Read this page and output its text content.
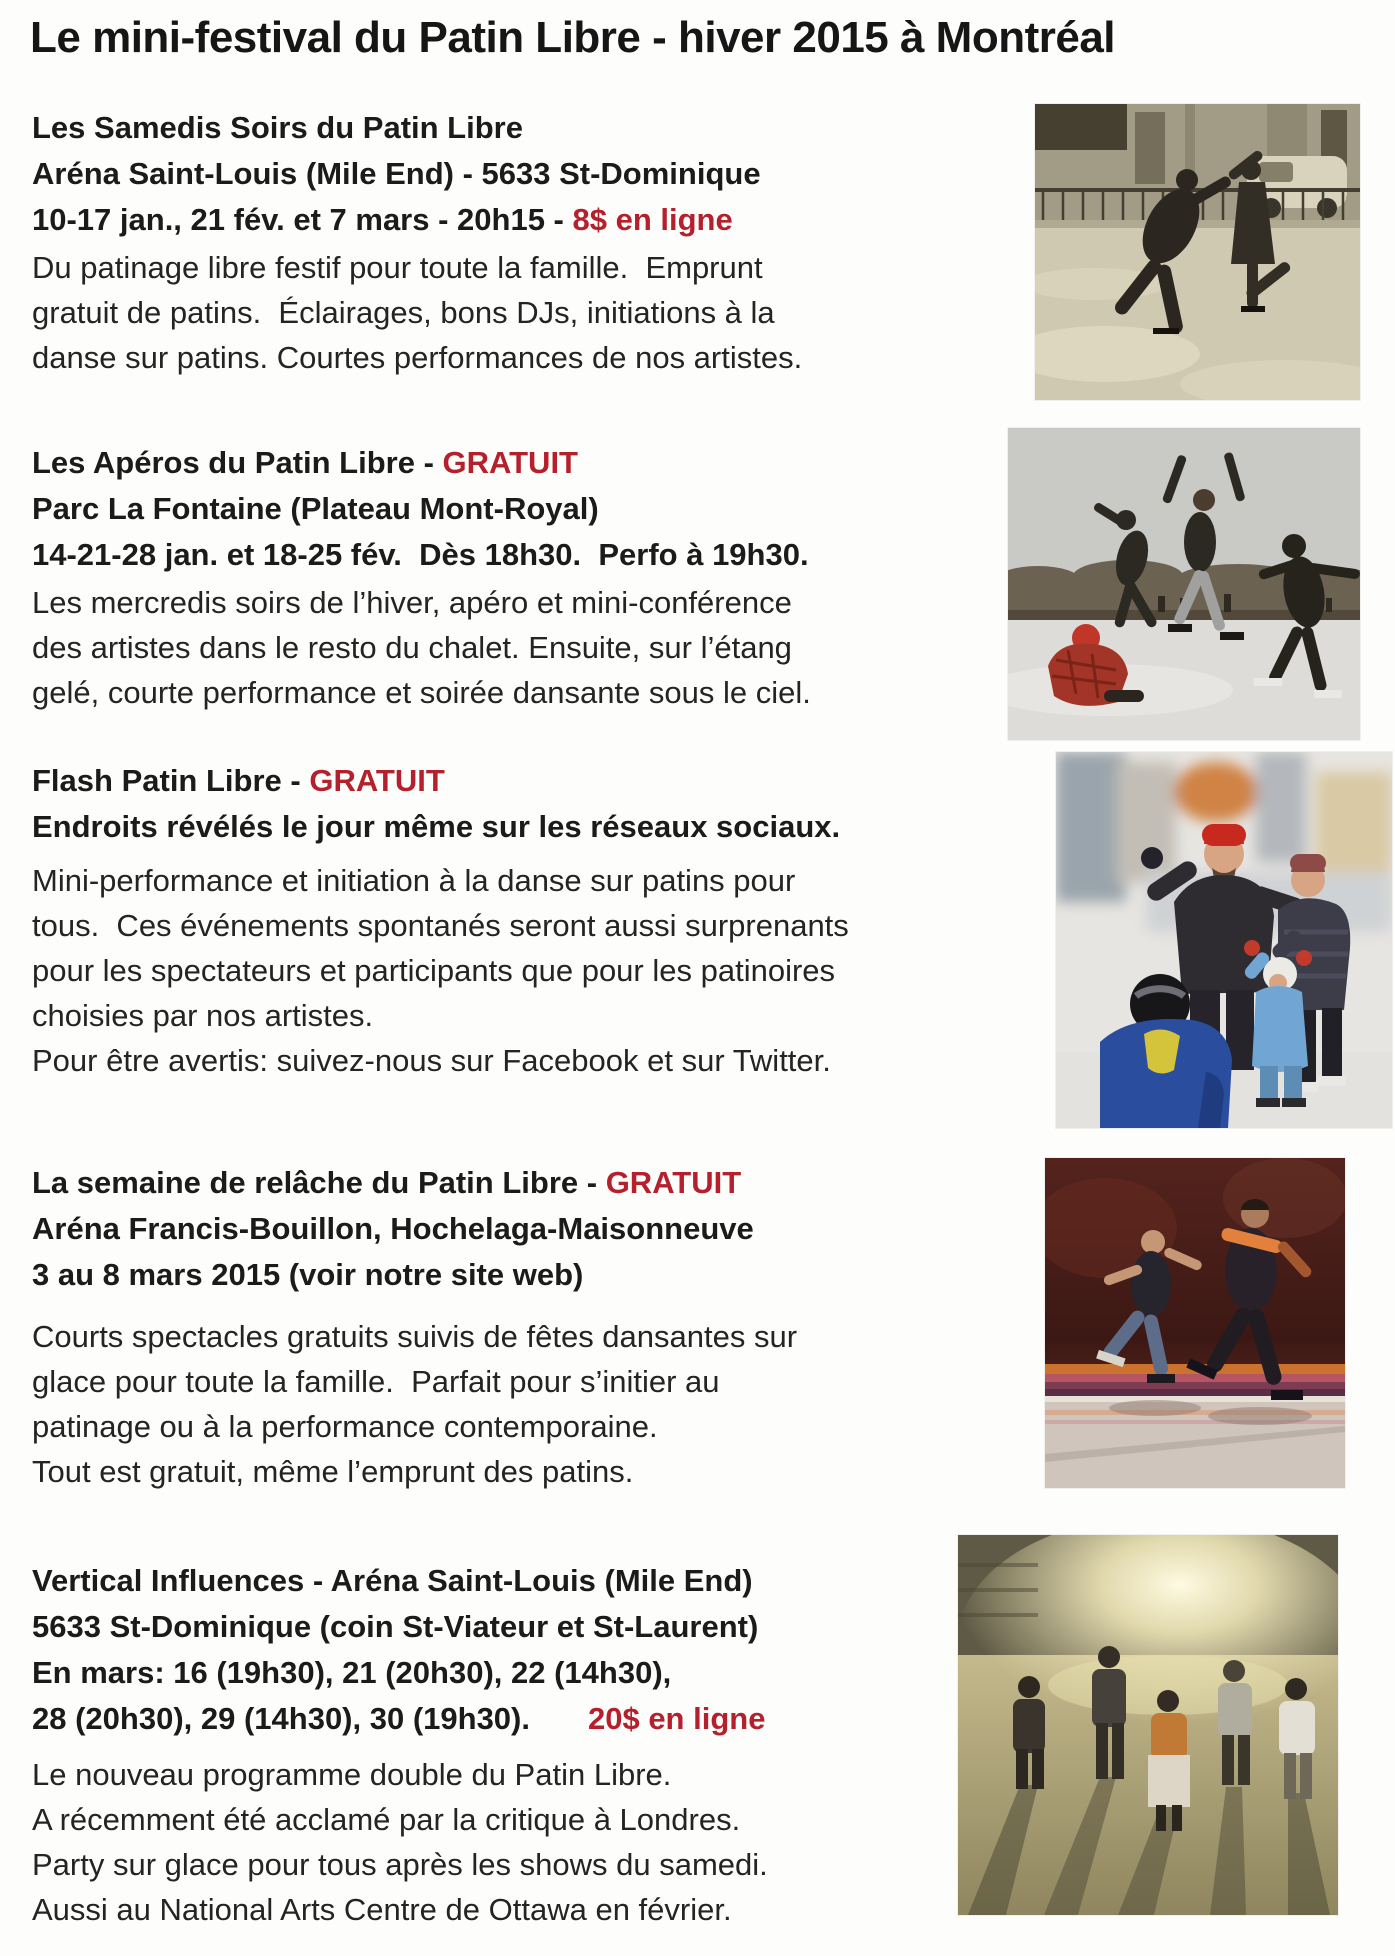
Le mini-festival du Patin Libre - hiver 2015 à Montréal
Les Samedis Soirs du Patin Libre
Aréna Saint-Louis (Mile End) - 5633 St-Dominique
10-17 jan., 21 fév. et 7 mars - 20h15 - 8$ en ligne
Du patinage libre festif pour toute la famille.  Emprunt
gratuit de patins.  Éclairages, bons DJs, initiations à la
danse sur patins. Courtes performances de nos artistes.
Les Apéros du Patin Libre - GRATUIT
Parc La Fontaine (Plateau Mont-Royal)
14-21-28 jan. et 18-25 fév.  Dès 18h30.  Perfo à 19h30.
Les mercredis soirs de l’hiver, apéro et mini-conférence
des artistes dans le resto du chalet. Ensuite, sur l’étang
gelé, courte performance et soirée dansante sous le ciel.
Flash Patin Libre - GRATUIT
Endroits révélés le jour même sur les réseaux sociaux.
Mini-performance et initiation à la danse sur patins pour
tous.  Ces événements spontanés seront aussi surprenants
pour les spectateurs et participants que pour les patinoires
choisies par nos artistes.
Pour être avertis: suivez-nous sur Facebook et sur Twitter.
La semaine de relâche du Patin Libre - GRATUIT
Aréna Francis-Bouillon, Hochelaga-Maisonneuve
3 au 8 mars 2015 (voir notre site web)
Courts spectacles gratuits suivis de fêtes dansantes sur
glace pour toute la famille.  Parfait pour s’initier au
patinage ou à la performance contemporaine.
Tout est gratuit, même l’emprunt des patins.
Vertical Influences - Aréna Saint-Louis (Mile End)
5633 St-Dominique (coin St-Viateur et St-Laurent)
En mars: 16 (19h30), 21 (20h30), 22 (14h30),
28 (20h30), 29 (14h30), 30 (19h30). 20$ en ligne
Le nouveau programme double du Patin Libre.
A récemment été acclamé par la critique à Londres.
Party sur glace pour tous après les shows du samedi.
Aussi au National Arts Centre de Ottawa en février.
